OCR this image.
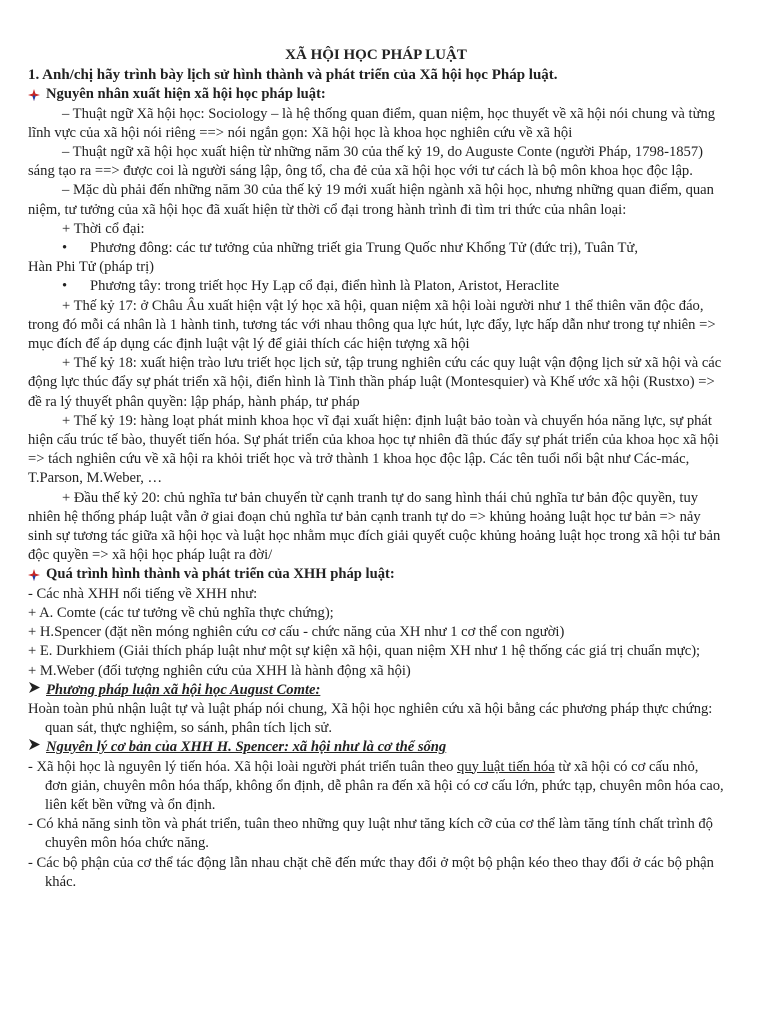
XÃ HỘI HỌC PHÁP LUẬT

1. Anh/chị hãy trình bày lịch sử hình thành và phát triển của Xã hội học Pháp luật.

Nguyên nhân xuất hiện xã hội học pháp luật:

– Thuật ngữ Xã hội học: Sociology – là hệ thống quan điểm, quan niệm, học thuyết về xã hội nói chung và từng lĩnh vực của xã hội nói riêng ==> nói ngắn gọn: Xã hội học là khoa học nghiên cứu về xã hội

– Thuật ngữ xã hội học xuất hiện từ những năm 30 của thế kỷ 19, do Auguste Conte (người Pháp, 1798-1857) sáng tạo ra ==> được coi là người sáng lập, ông tổ, cha đẻ của xã hội học với tư cách là bộ môn khoa học độc lập.

– Mặc dù phải đến những năm 30 của thế kỷ 19 mới xuất hiện ngành xã hội học, nhưng những quan điểm, quan niệm, tư tưởng của xã hội học đã xuất hiện từ thời cổ đại trong hành trình đi tìm tri thức của nhân loại:

+ Thời cổ đại:

•	Phương đông: các tư tưởng của những triết gia Trung Quốc như Khổng Tử (đức trị), Tuân Tử,

Hàn Phi Tử (pháp trị)

•	Phương tây: trong triết học Hy Lạp cổ đại, điển hình là Platon, Aristot, Heraclite

+ Thế kỷ 17: ở Châu Âu xuất hiện vật lý học xã hội, quan niệm xã hội loài người như 1 thể thiên văn độc đáo, trong đó mỗi cá nhân là 1 hành tinh, tương tác với nhau thông qua lực hút, lực đẩy, lực hấp dẫn như trong tự nhiên => mục đích để áp dụng các định luật vật lý để giải thích các hiện tượng xã hội

+ Thế kỷ 18: xuất hiện trào lưu triết học lịch sử, tập trung nghiên cứu các quy luật vận động lịch sử xã hội và các động lực thúc đẩy sự phát triển xã hội, điển hình là Tinh thần pháp luật (Montesquier) và Khế ước xã hội (Rustxo) => đề ra lý thuyết phân quyền: lập pháp, hành pháp, tư pháp

+ Thế kỷ 19: hàng loạt phát minh khoa học vĩ đại xuất hiện: định luật bảo toàn và chuyển hóa năng lực, sự phát hiện cấu trúc tế bào, thuyết tiến hóa. Sự phát triển của khoa học tự nhiên đã thúc đẩy sự phát triển của khoa học xã hội => tách nghiên cứu về xã hội ra khỏi triết học và trở thành 1 khoa học độc lập. Các tên tuổi nổi bật như Các-mác, T.Parson, M.Weber, …

+ Đầu thế kỷ 20: chủ nghĩa tư bản chuyển từ cạnh tranh tự do sang hình thái chủ nghĩa tư bản độc quyền, tuy nhiên hệ thống pháp luật vẫn ở giai đoạn chủ nghĩa tư bản cạnh tranh tự do => khủng hoảng luật học tư bản => nảy sinh sự tương tác giữa xã hội học và luật học nhằm mục đích giải quyết cuộc khủng hoảng luật học trong xã hội tư bản độc quyền => xã hội học pháp luật ra đời/

Quá trình hình thành và phát triển của XHH pháp luật:

- Các nhà XHH nổi tiếng về XHH như:

+ A. Comte (các tư tưởng về chủ nghĩa thực chứng);

+ H.Spencer (đặt nền móng nghiên cứu cơ cấu - chức năng của XH như 1 cơ thể con người)

+ E. Durkhiem (Giải thích pháp luật như một sự kiện xã hội, quan niệm XH như 1 hệ thống các giá trị chuẩn mực);

+ M.Weber (đối tượng nghiên cứu của XHH là hành động xã hội)

Phương pháp luận xã hội học August Comte:

Hoàn toàn phủ nhận luật tự và luật pháp nói chung, Xã hội học nghiên cứu xã hội bằng các phương pháp thực chứng: quan sát, thực nghiệm, so sánh, phân tích lịch sử.

Nguyên lý cơ bản của XHH H. Spencer: xã hội như là cơ thể sống

- Xã hội học là nguyên lý tiến hóa. Xã hội loài người phát triển tuân theo quy luật tiến hóa từ xã hội có cơ cấu nhỏ, đơn giản, chuyên môn hóa thấp, không ổn định, dễ phân ra đến xã hội có cơ cấu lớn, phức tạp, chuyên môn hóa cao, liên kết bền vững và ổn định.

- Có khả năng sinh tồn và phát triển, tuân theo những quy luật như tăng kích cỡ của cơ thể làm tăng tính chất trình độ chuyên môn hóa chức năng.

- Các bộ phận của cơ thể tác động lẫn nhau chặt chẽ đến mức thay đổi ở một bộ phận kéo theo thay đổi ở các bộ phận khác.
